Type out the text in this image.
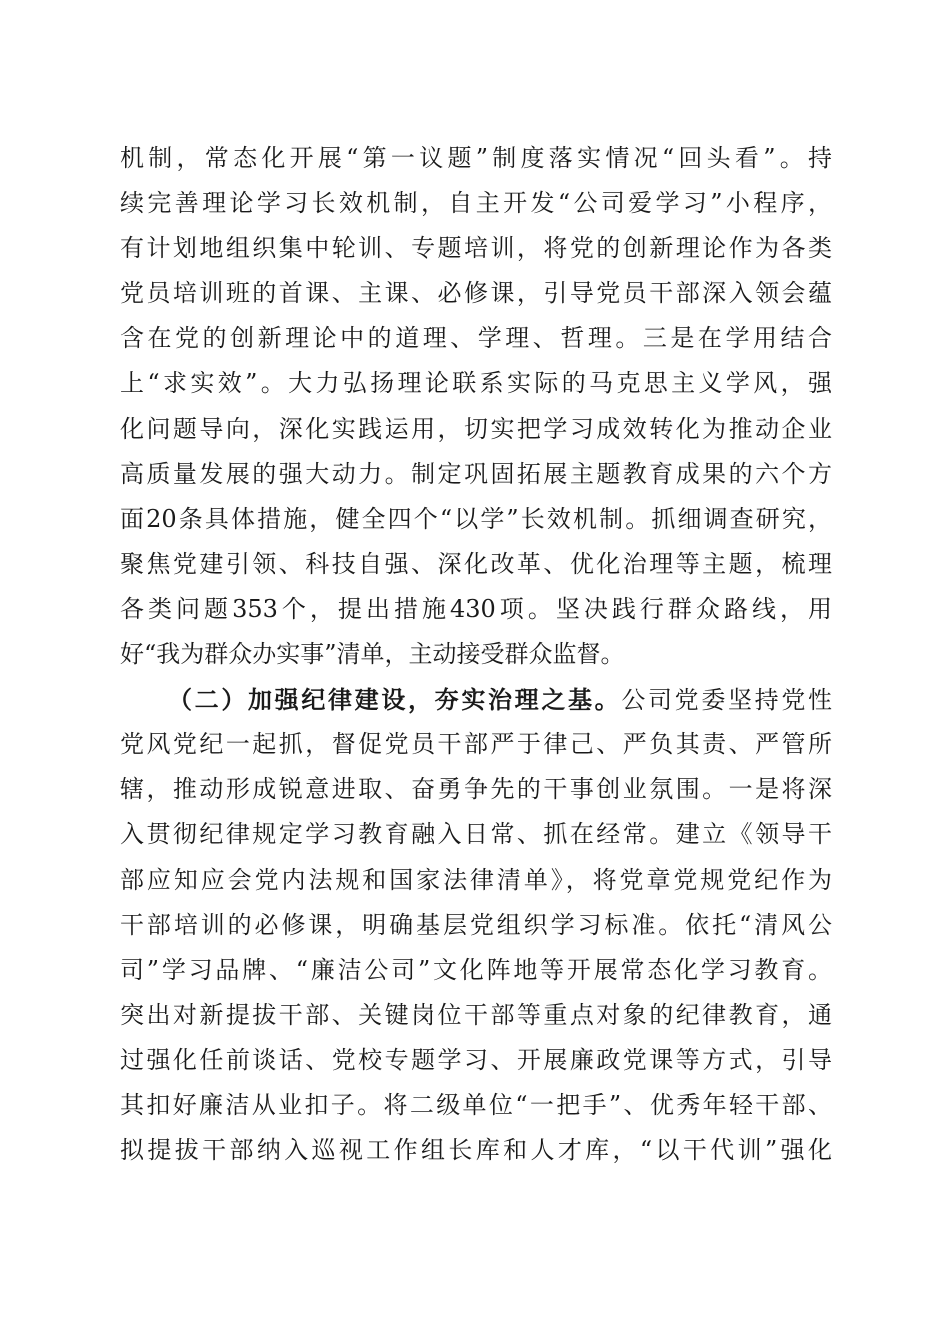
机制，常态化开展“第一议题”制度落实情况“回头看”。持
续完善理论学习长效机制，自主开发“公司爱学习”小程序，
有计划地组织集中轮训、专题培训，将党的创新理论作为各类
党员培训班的首课、主课、必修课，引导党员干部深入领会蕴
含在党的创新理论中的道理、学理、哲理。三是在学用结合
上“求实效”。大力弘扬理论联系实际的马克思主义学风，强
化问题导向，深化实践运用，切实把学习成效转化为推动企业
高质量发展的强大动力。制定巩固拓展主题教育成果的六个方
面20条具体措施，健全四个“以学”长效机制。抓细调查研究，
聚焦党建引领、科技自强、深化改革、优化治理等主题，梳理
各类问题353个，提出措施430项。坚决践行群众路线，用
好“我为群众办实事”清单，主动接受群众监督。
（二）加强纪律建设，夯实治理之基。公司党委坚持党性
党风党纪一起抓，督促党员干部严于律己、严负其责、严管所
辖，推动形成锐意进取、奋勇争先的干事创业氛围。一是将深
入贯彻纪律规定学习教育融入日常、抓在经常。建立《领导干
部应知应会党内法规和国家法律清单》，将党章党规党纪作为
干部培训的必修课，明确基层党组织学习标准。依托“清风公
司”学习品牌、“廉洁公司”文化阵地等开展常态化学习教育。
突出对新提拔干部、关键岗位干部等重点对象的纪律教育，通
过强化任前谈话、党校专题学习、开展廉政党课等方式，引导
其扣好廉洁从业扣子。将二级单位“一把手”、优秀年轻干部、
拟提拔干部纳入巡视工作组长库和人才库，“以干代训”强化
